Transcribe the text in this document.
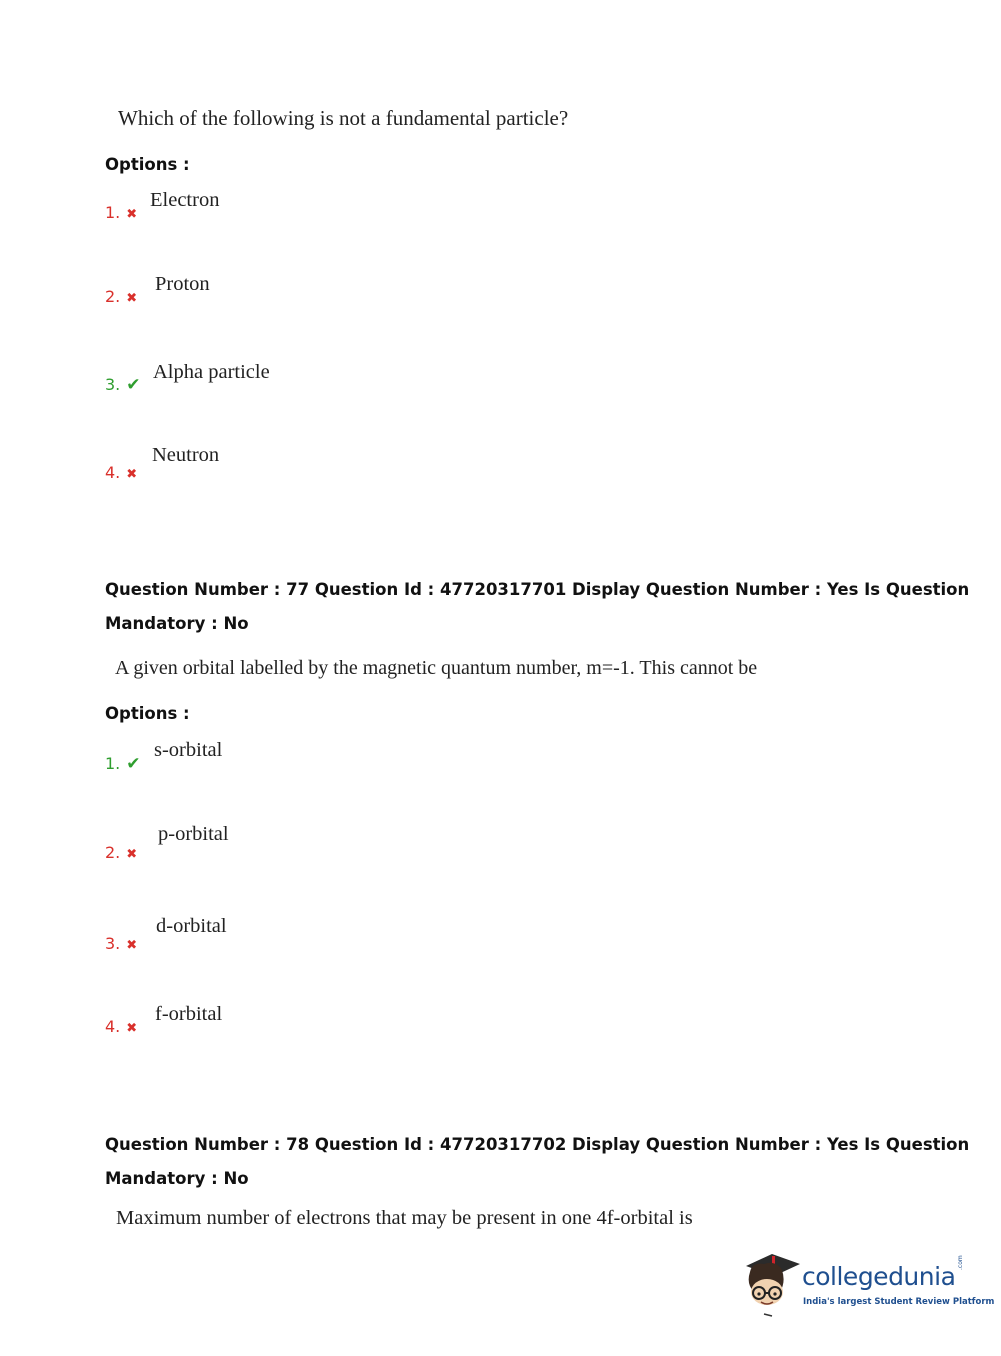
Which of the following is not a fundamental particle?
Options :
1. ✖
Electron
2. ✖
Proton
3. ✔
Alpha particle
4. ✖
Neutron
Question Number : 77 Question Id : 47720317701 Display Question Number : Yes Is Question
Mandatory : No
A given orbital labelled by the magnetic quantum number, m=-1. This cannot be
Options :
1. ✔
s-orbital
2. ✖
p-orbital
3. ✖
d-orbital
4. ✖
f-orbital
Question Number : 78 Question Id : 47720317702 Display Question Number : Yes Is Question
Mandatory : No
Maximum number of electrons that may be present in one 4f-orbital is
collegedunia .com
India's largest Student Review Platform
